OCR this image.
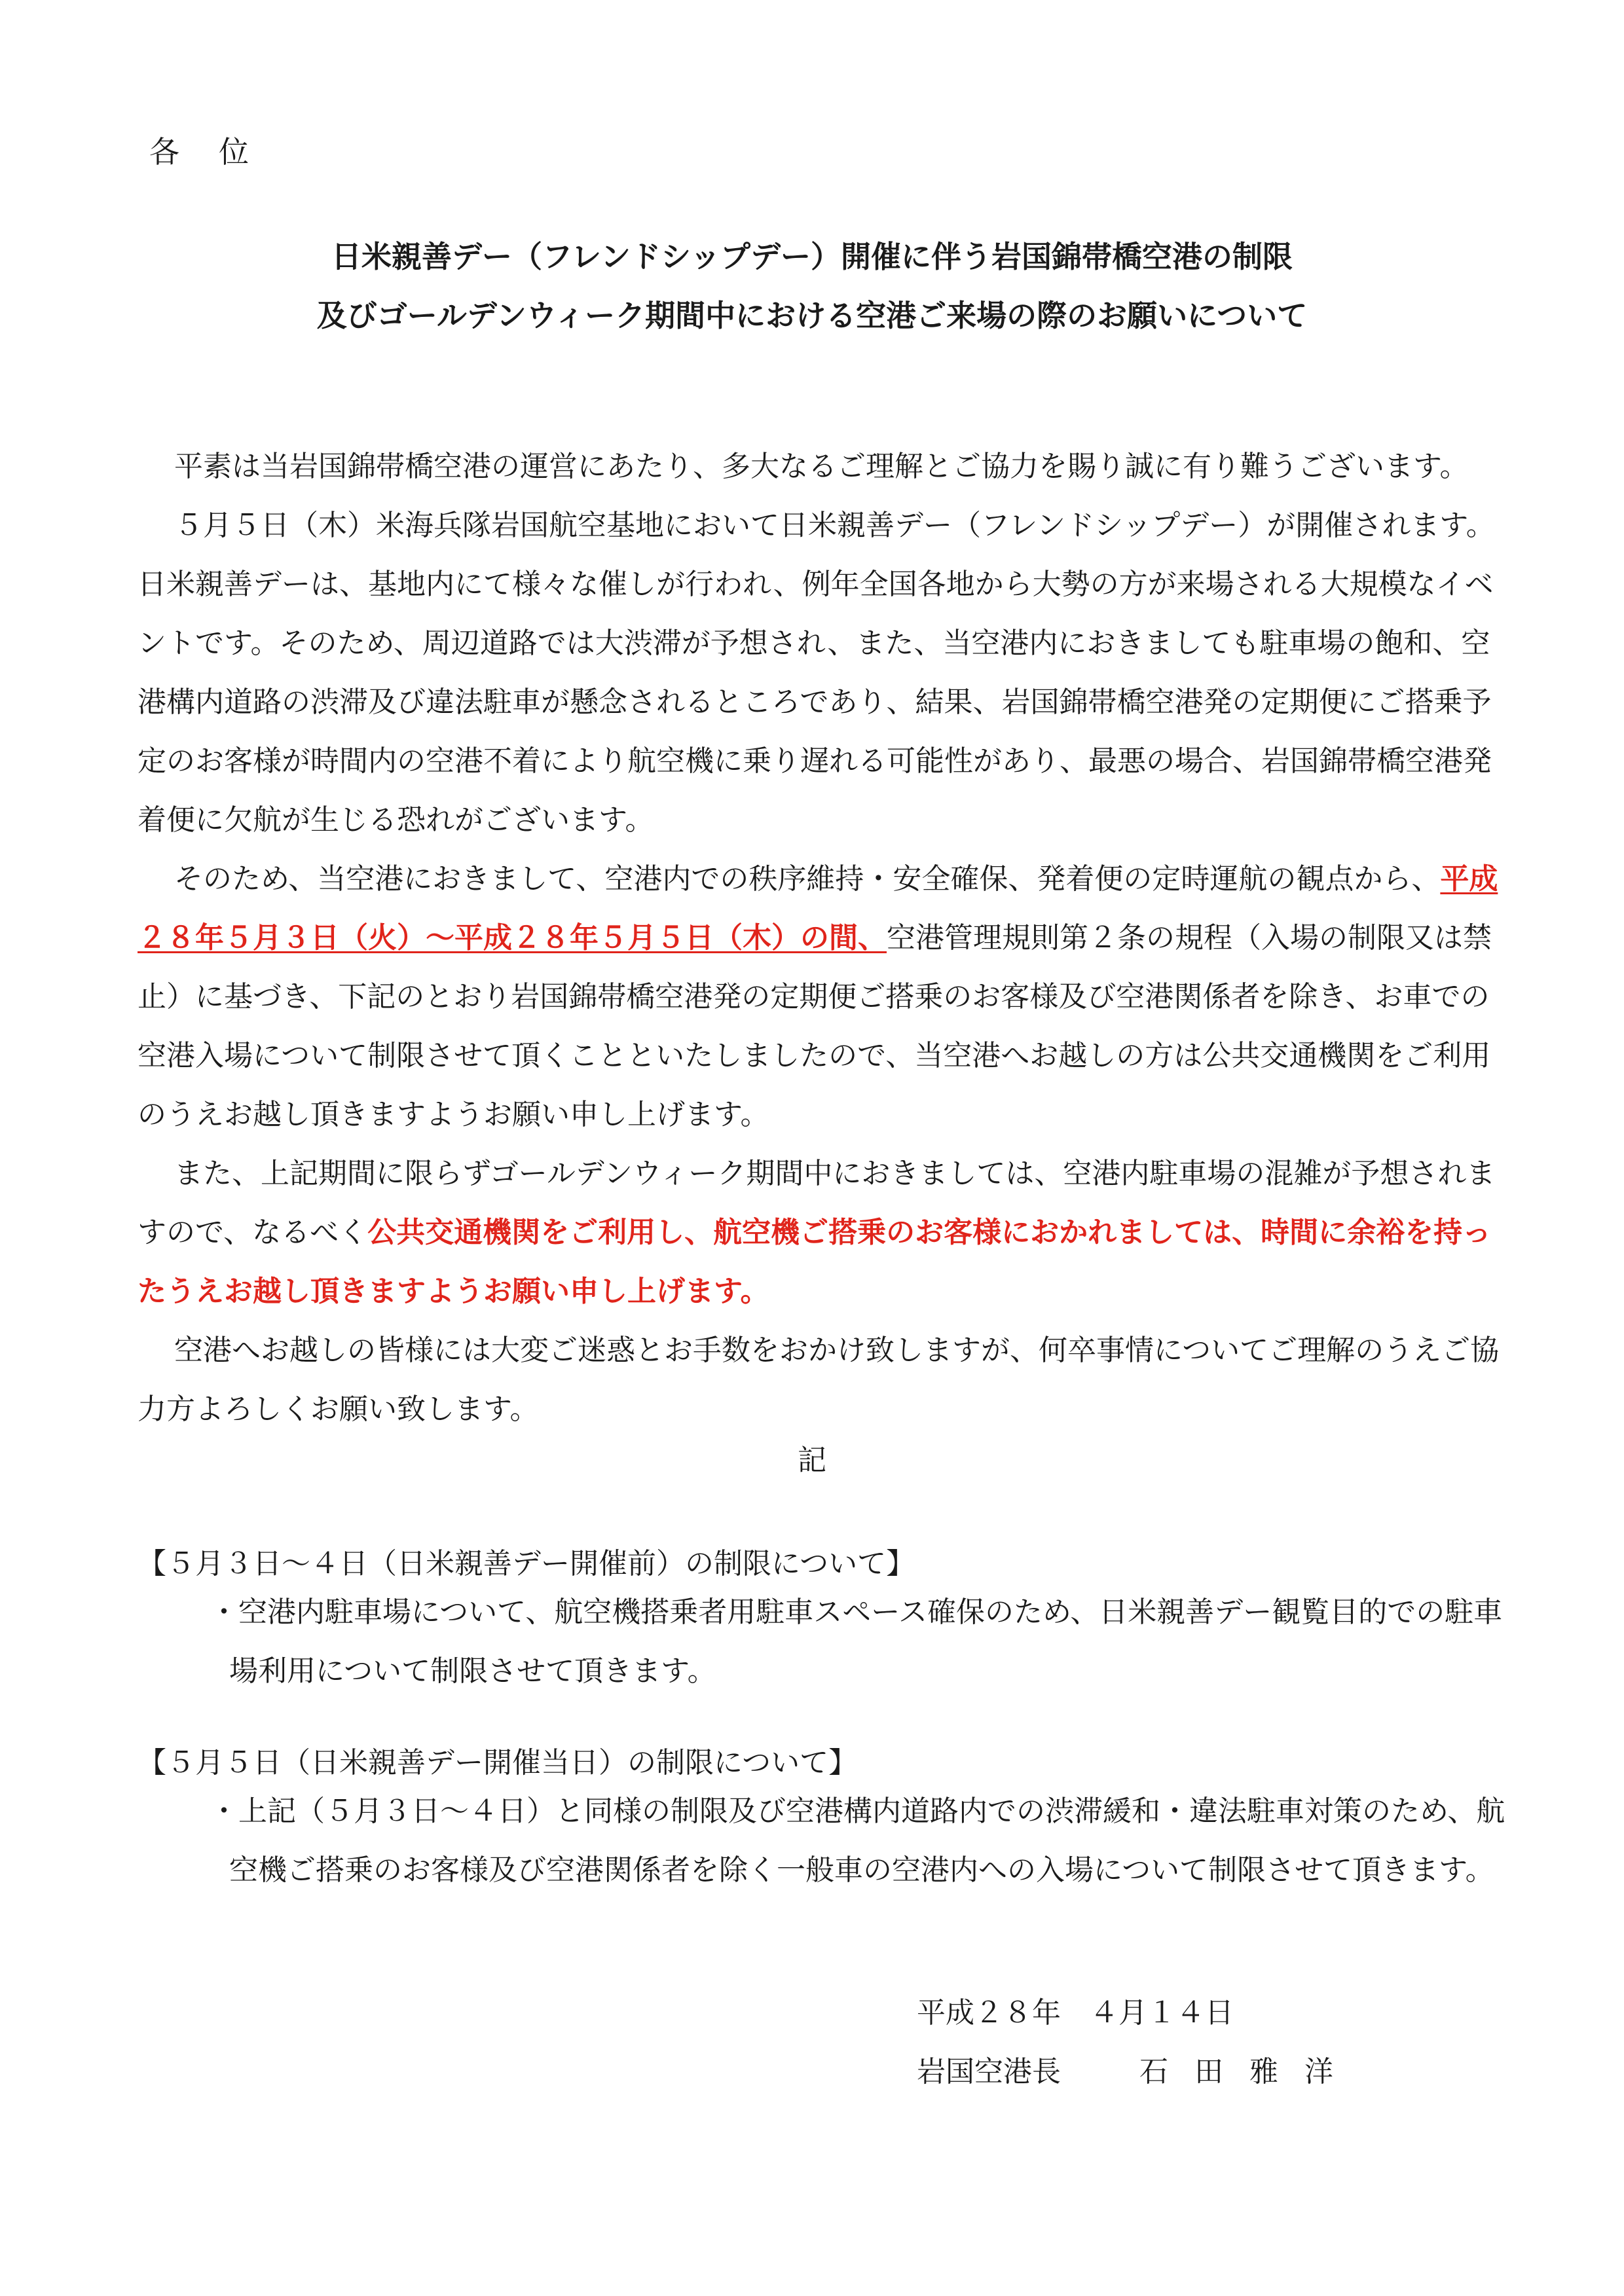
各位
日米親善デー（フレンドシップデー）開催に伴う岩国錦帯橋空港の制限
及びゴールデンウィーク期間中における空港ご来場の際のお願いについて

平素は当岩国錦帯橋空港の運営にあたり、多大なるご理解とご協力を賜り誠に有り難うございます。

５月５日（木）米海兵隊岩国航空基地において日米親善デー（フレンドシップデー）が開催されます。日米親善デーは、基地内にて様々な催しが行われ、例年全国各地から大勢の方が来場される大規模なイベントです。そのため、周辺道路では大渋滞が予想され、また、当空港内におきましても駐車場の飽和、空港構内道路の渋滞及び違法駐車が懸念されるところであり、結果、岩国錦帯橋空港発の定期便にご搭乗予定のお客様が時間内の空港不着により航空機に乗り遅れる可能性があり、最悪の場合、岩国錦帯橋空港発着便に欠航が生じる恐れがございます。

そのため、当空港におきまして、空港内での秩序維持・安全確保、発着便の定時運航の観点から、平成２８年５月３日（火）～平成２８年５月５日（木）の間、空港管理規則第２条の規程（入場の制限又は禁止）に基づき、下記のとおり岩国錦帯橋空港発の定期便ご搭乗のお客様及び空港関係者を除き、お車での空港入場について制限させて頂くことといたしましたので、当空港へお越しの方は公共交通機関をご利用のうえお越し頂きますようお願い申し上げます。

また、上記期間に限らずゴールデンウィーク期間中におきましては、空港内駐車場の混雑が予想されますので、なるべく公共交通機関をご利用し、航空機ご搭乗のお客様におかれましては、時間に余裕を持ったうえお越し頂きますようお願い申し上げます。

空港へお越しの皆様には大変ご迷惑とお手数をおかけ致しますが、何卒事情についてご理解のうえご協力方よろしくお願い致します。

記
【５月３日～４日（日米親善デー開催前）の制限について】
・空港内駐車場について、航空機搭乗者用駐車スペース確保のため、日米親善デー観覧目的での駐車場利用について制限させて頂きます。
【５月５日（日米親善デー開催当日）の制限について】
・上記（５月３日～４日）と同様の制限及び空港構内道路内での渋滞緩和・違法駐車対策のため、航空機ご搭乗のお客様及び空港関係者を除く一般車の空港内への入場について制限させて頂きます。
平成２８年　４月１４日
岩国空港長	石田雅洋
